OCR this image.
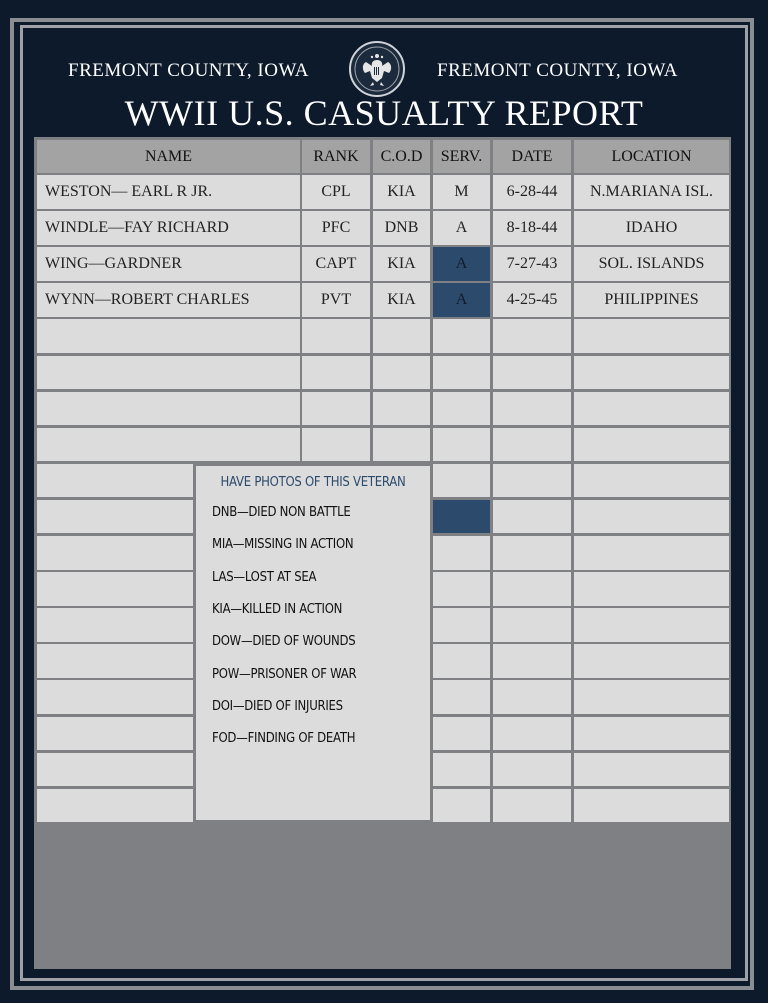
FREMONT COUNTY, IOWA	FREMONT COUNTY, IOWA
WWII U.S. CASUALTY REPORT
NAME	RANK	C.O.D	SERV.	DATE	LOCATION
WESTON— EARL R JR.	CPL	KIA	M	6-28-44	N.MARIANA ISL.
WINDLE—FAY RICHARD	PFC	DNB	A	8-18-44	IDAHO
WING—GARDNER	CAPT	KIA	A	7-27-43	SOL. ISLANDS
WYNN—ROBERT CHARLES	PVT	KIA	A	4-25-45	PHILIPPINES
HAVE PHOTOS OF THIS VETERAN
DNB—DIED NON BATTLE
MIA—MISSING IN ACTION
LAS—LOST AT SEA
KIA—KILLED IN ACTION
DOW—DIED OF WOUNDS
POW—PRISONER OF WAR
DOI—DIED OF INJURIES
FOD—FINDING OF DEATH
